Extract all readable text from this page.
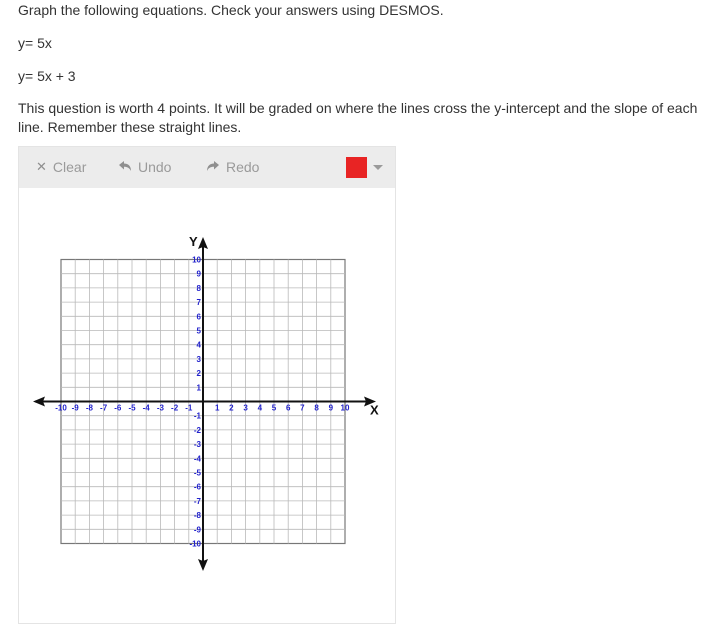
Graph the following equations. Check your answers using DESMOS.

y= 5x

y= 5x + 3

This question is worth 4 points. It will be graded on where the lines cross the y-intercept and the slope of each line. Remember these straight lines.

✕ Clear	Undo	Redo
X
Y
-10 -9 -8 -7 -6 -5 -4 -3 -2 -1	1 2 3 4 5 6 7 8 9 10
-10
-9
-8
-7
-6
-5
-4
-3
-2
-1
1
2
3
4
5
6
7
8
9
10
